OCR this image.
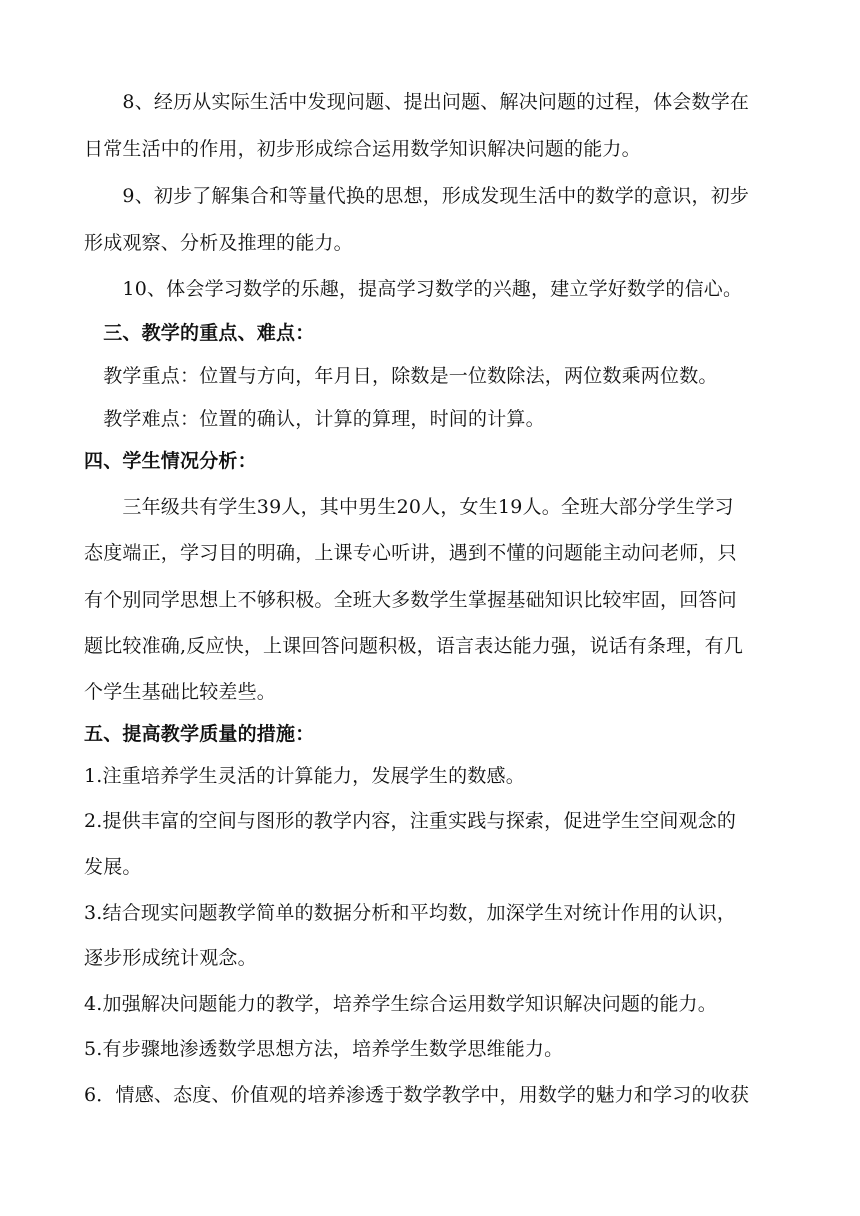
　　8、经历从实际生活中发现问题、提出问题、解决问题的过程，体会数学在
日常生活中的作用，初步形成综合运用数学知识解决问题的能力。
　　9、初步了解集合和等量代换的思想，形成发现生活中的数学的意识，初步
形成观察、分析及推理的能力。
　　10、体会学习数学的乐趣，提高学习数学的兴趣，建立学好数学的信心。
　三、教学的重点、难点：
　教学重点：位置与方向，年月日，除数是一位数除法，两位数乘两位数。
　教学难点：位置的确认，计算的算理，时间的计算。
四、学生情况分析：
　　三年级共有学生39人，其中男生20人，女生19人。全班大部分学生学习
态度端正，学习目的明确，上课专心听讲，遇到不懂的问题能主动问老师，只
有个别同学思想上不够积极。全班大多数学生掌握基础知识比较牢固，回答问
题比较准确,反应快，上课回答问题积极，语言表达能力强，说话有条理，有几
个学生基础比较差些。
五、提高教学质量的措施：
1.注重培养学生灵活的计算能力，发展学生的数感。
2.提供丰富的空间与图形的教学内容，注重实践与探索，促进学生空间观念的
发展。
3.结合现实问题教学简单的数据分析和平均数，加深学生对统计作用的认识，
逐步形成统计观念。
4.加强解决问题能力的教学，培养学生综合运用数学知识解决问题的能力。
5.有步骤地渗透数学思想方法，培养学生数学思维能力。
6．情感、态度、价值观的培养渗透于数学教学中，用数学的魅力和学习的收获
